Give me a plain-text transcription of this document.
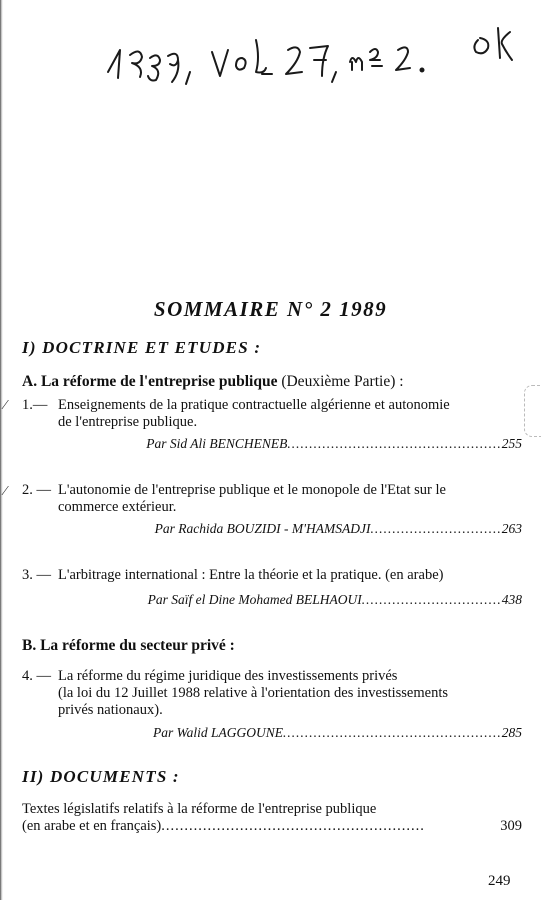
SOMMAIRE N° 2 1989
I) DOCTRINE ET ETUDES :
A. La réforme de l'entreprise publique (Deuxième Partie) :
⁄ 1.— Enseignements de la pratique contractuelle algérienne et autonomie
de l'entreprise publique.
Par Sid Ali BENCHENEB.................................................255
⁄ 2. — L'autonomie de l'entreprise publique et le monopole de l'Etat sur le
commerce extérieur.
Par Rachida BOUZIDI - M'HAMSADJI..............................263
3. — L'arbitrage international : Entre la théorie et la pratique. (en arabe)
Par Saïf el Dine Mohamed BELHAOUI................................438
B. La réforme du secteur privé :
4. — La réforme du régime juridique des investissements privés
(la loi du 12 Juillet 1988 relative à l'orientation des investissements
privés nationaux).
Par Walid LAGGOUNE..................................................285
II) DOCUMENTS :
Textes législatifs relatifs à la réforme de l'entreprise publique
(en arabe et en français).........................................................	309
249
